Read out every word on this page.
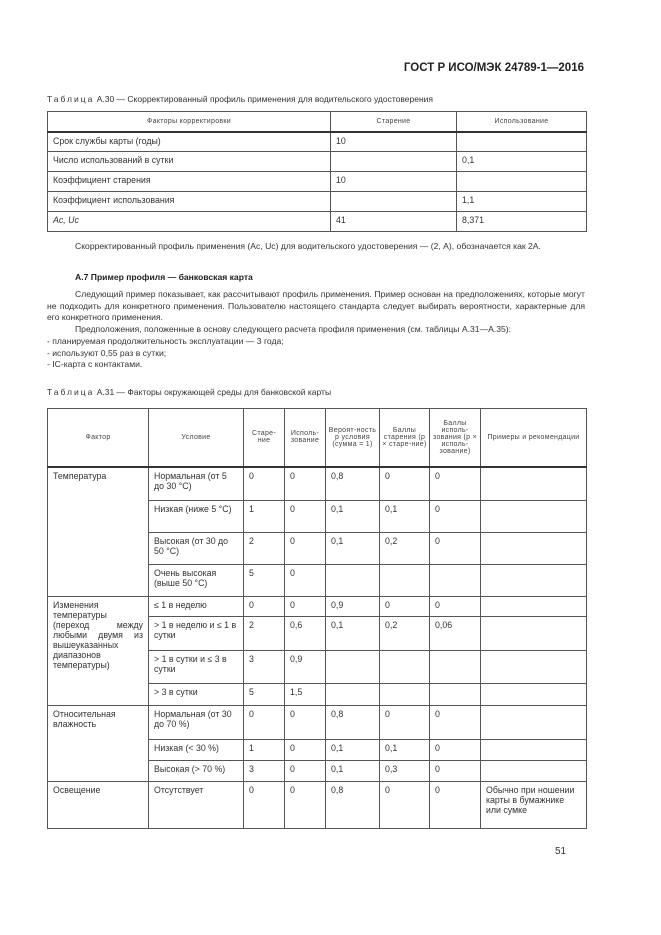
ГОСТ Р ИСО/МЭК 24789-1—2016
Таблица А.30 — Скорректированный профиль применения для водительского удостоверения
Факторы корректировки	Старение	Использование
Срок службы карты (годы)	10	
Число использований в сутки		0,1
Коэффициент старения	10	
Коэффициент использования		1,1
Ac, Uc	41	8,371
Скорректированный профиль применения (Ac, Uc) для водительского удостоверения — (2, A), обозначается как 2A.
А.7 Пример профиля — банковская карта
Следующий пример показывает, как рассчитывают профиль применения. Пример основан на предположениях, которые могут не подходить для конкретного применения. Пользователю настоящего стандарта следует выбирать вероятности, характерные для его конкретного применения.
Предположения, положенные в основу следующего расчета профиля применения (см. таблицы А.31—А.35):
- планируемая продолжительность эксплуатации — 3 года;
- используют 0,55 раз в сутки;
- IC-карта с контактами.
Таблица А.31 — Факторы окружающей среды для банковской карты
Фактор	Условие	Старе-ние	Исполь-зование	Вероят-ность p условия (сумма = 1)	Баллы старения (p × старе-ние)	Баллы исполь-зования (p × исполь-зование)	Примеры и рекомендации
Температура	Нормальная (от 5 до 30 °C)	0	0	0,8	0	0	
	Низкая (ниже 5 °C)	1	0	0,1	0,1	0	
	Высокая (от 30 до 50 °C)	2	0	0,1	0,2	0	
	Очень высокая (выше 50 °C)	5	0				
Изменения температуры (переход между любыми двумя из вышеуказанных диапазонов температуры)	≤ 1 в неделю	0	0	0,9	0	0	
	> 1 в неделю и ≤ 1 в сутки	2	0,6	0,1	0,2	0,06	
	> 1 в сутки и ≤ 3 в сутки	3	0,9				
	> 3 в сутки	5	1,5				
Относительная влажность	Нормальная (от 30 до 70 %)	0	0	0,8	0	0	
	Низкая (< 30 %)	1	0	0,1	0,1	0	
	Высокая (> 70 %)	3	0	0,1	0,3	0	
Освещение	Отсутствует	0	0	0,8	0	0	Обычно при ношении карты в бумажнике или сумке
51
